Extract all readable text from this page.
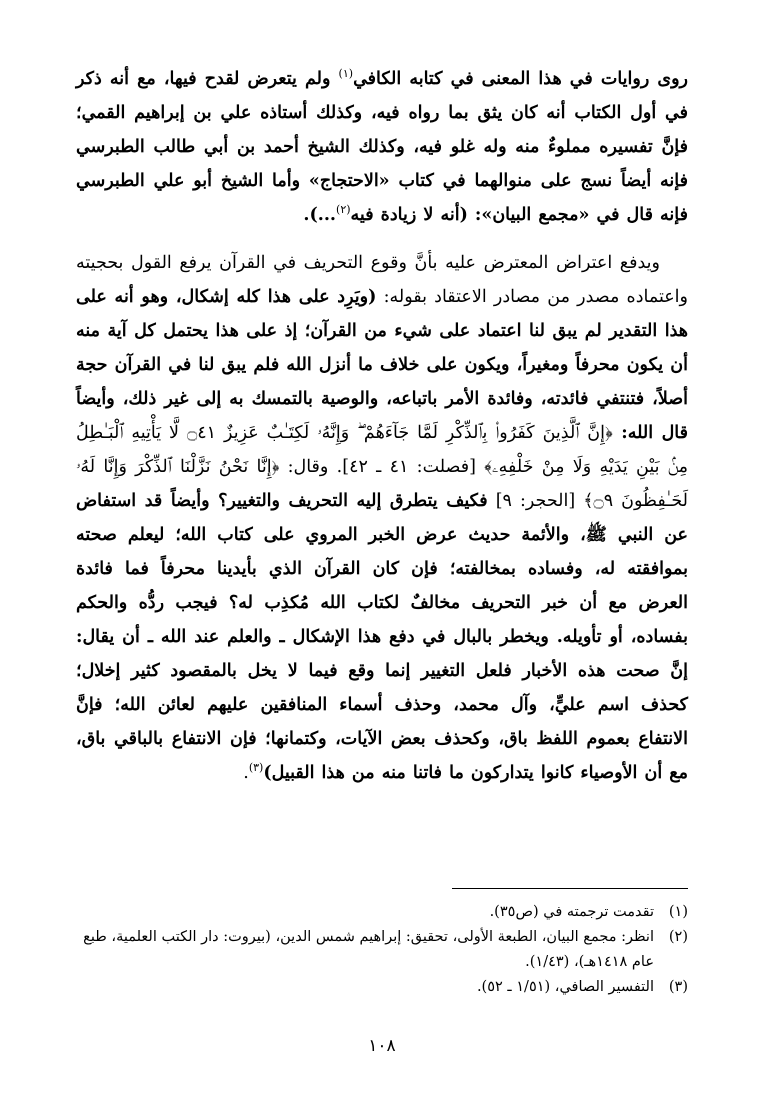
روى روايات في هذا المعنى في كتابه الكافي$^{(١)}$ ولم يتعرض لقدح فيها، مع أنه ذكر في أول الكتاب أنه كان يثق بما رواه فيه، وكذلك أستاذه علي بن إبراهيم القمي؛ فإنَّ تفسيره مملوءٌ منه وله غلو فيه، وكذلك الشيخ أحمد بن أبي طالب الطبرسي فإنه أيضاً نسج على منوالهما في كتاب «الاحتجاج» وأما الشيخ أبو علي الطبرسي فإنه قال في «مجمع البيان»: (أنه لا زيادة فيه$^{(٢)}$...).

ويدفع اعتراض المعترض عليه بأنَّ وقوع التحريف في القرآن يرفع القول بحجيته واعتماده مصدر من مصادر الاعتقاد بقوله: (ويَرِد على هذا كله إشكال، وهو أنه على هذا التقدير لم يبق لنا اعتماد على شيء من القرآن؛ إذ على هذا يحتمل كل آية منه أن يكون محرفاً ومغيراً، ويكون على خلاف ما أنزل الله فلم يبق لنا في القرآن حجة أصلاً، فتنتفي فائدته، وفائدة الأمر باتباعه، والوصية بالتمسك به إلى غير ذلك، وأيضاً قال الله: ﴿إِنَّ ٱلَّذِينَ كَفَرُوا۟ بِٱلذِّكْرِ لَمَّا جَآءَهُمْ ۖ وَإِنَّهُۥ لَكِتَـٰبٌ عَزِيزٌ ۝٤١ لَّا يَأْتِيهِ ٱلْبَـٰطِلُ مِنۢ بَيْنِ يَدَيْهِ وَلَا مِنْ خَلْفِهِۦ﴾ [فصلت: ٤١ ـ ٤٢]. وقال: ﴿إِنَّا نَحْنُ نَزَّلْنَا ٱلذِّكْرَ وَإِنَّا لَهُۥ لَحَـٰفِظُونَ ۝٩﴾ [الحجر: ٩] فكيف يتطرق إليه التحريف والتغيير؟ وأيضاً قد استفاض عن النبي ﷺ، والأئمة حديث عرض الخبر المروي على كتاب الله؛ ليعلم صحته بموافقته له، وفساده بمخالفته؛ فإن كان القرآن الذي بأيدينا محرفاً فما فائدة العرض مع أن خبر التحريف مخالفٌ لكتاب الله مُكذِب له؟ فيجب ردُّه والحكم بفساده، أو تأويله. ويخطر بالبال في دفع هذا الإشكال ـ والعلم عند الله ـ أن يقال: إنَّ صحت هذه الأخبار فلعل التغيير إنما وقع فيما لا يخل بالمقصود كثير إخلال؛ كحذف اسم عليٍّ، وآل محمد، وحذف أسماء المنافقين عليهم لعائن الله؛ فإنَّ الانتفاع بعموم اللفظ باق، وكحذف بعض الآيات، وكتمانها؛ فإن الانتفاع بالباقي باق، مع أن الأوصياء كانوا يتداركون ما فاتنا منه من هذا القبيل)$^{(٣)}$.

(١)
تقدمت ترجمته في (ص٣٥).
(٢)
انظر: مجمع البيان، الطبعة الأولى، تحقيق: إبراهيم شمس الدين، (بيروت: دار الكتب العلمية، طبع عام ١٤١٨هـ)، (١/٤٣).
(٣)
التفسير الصافي، (١/٥١ ـ ٥٢).
١٠٨
